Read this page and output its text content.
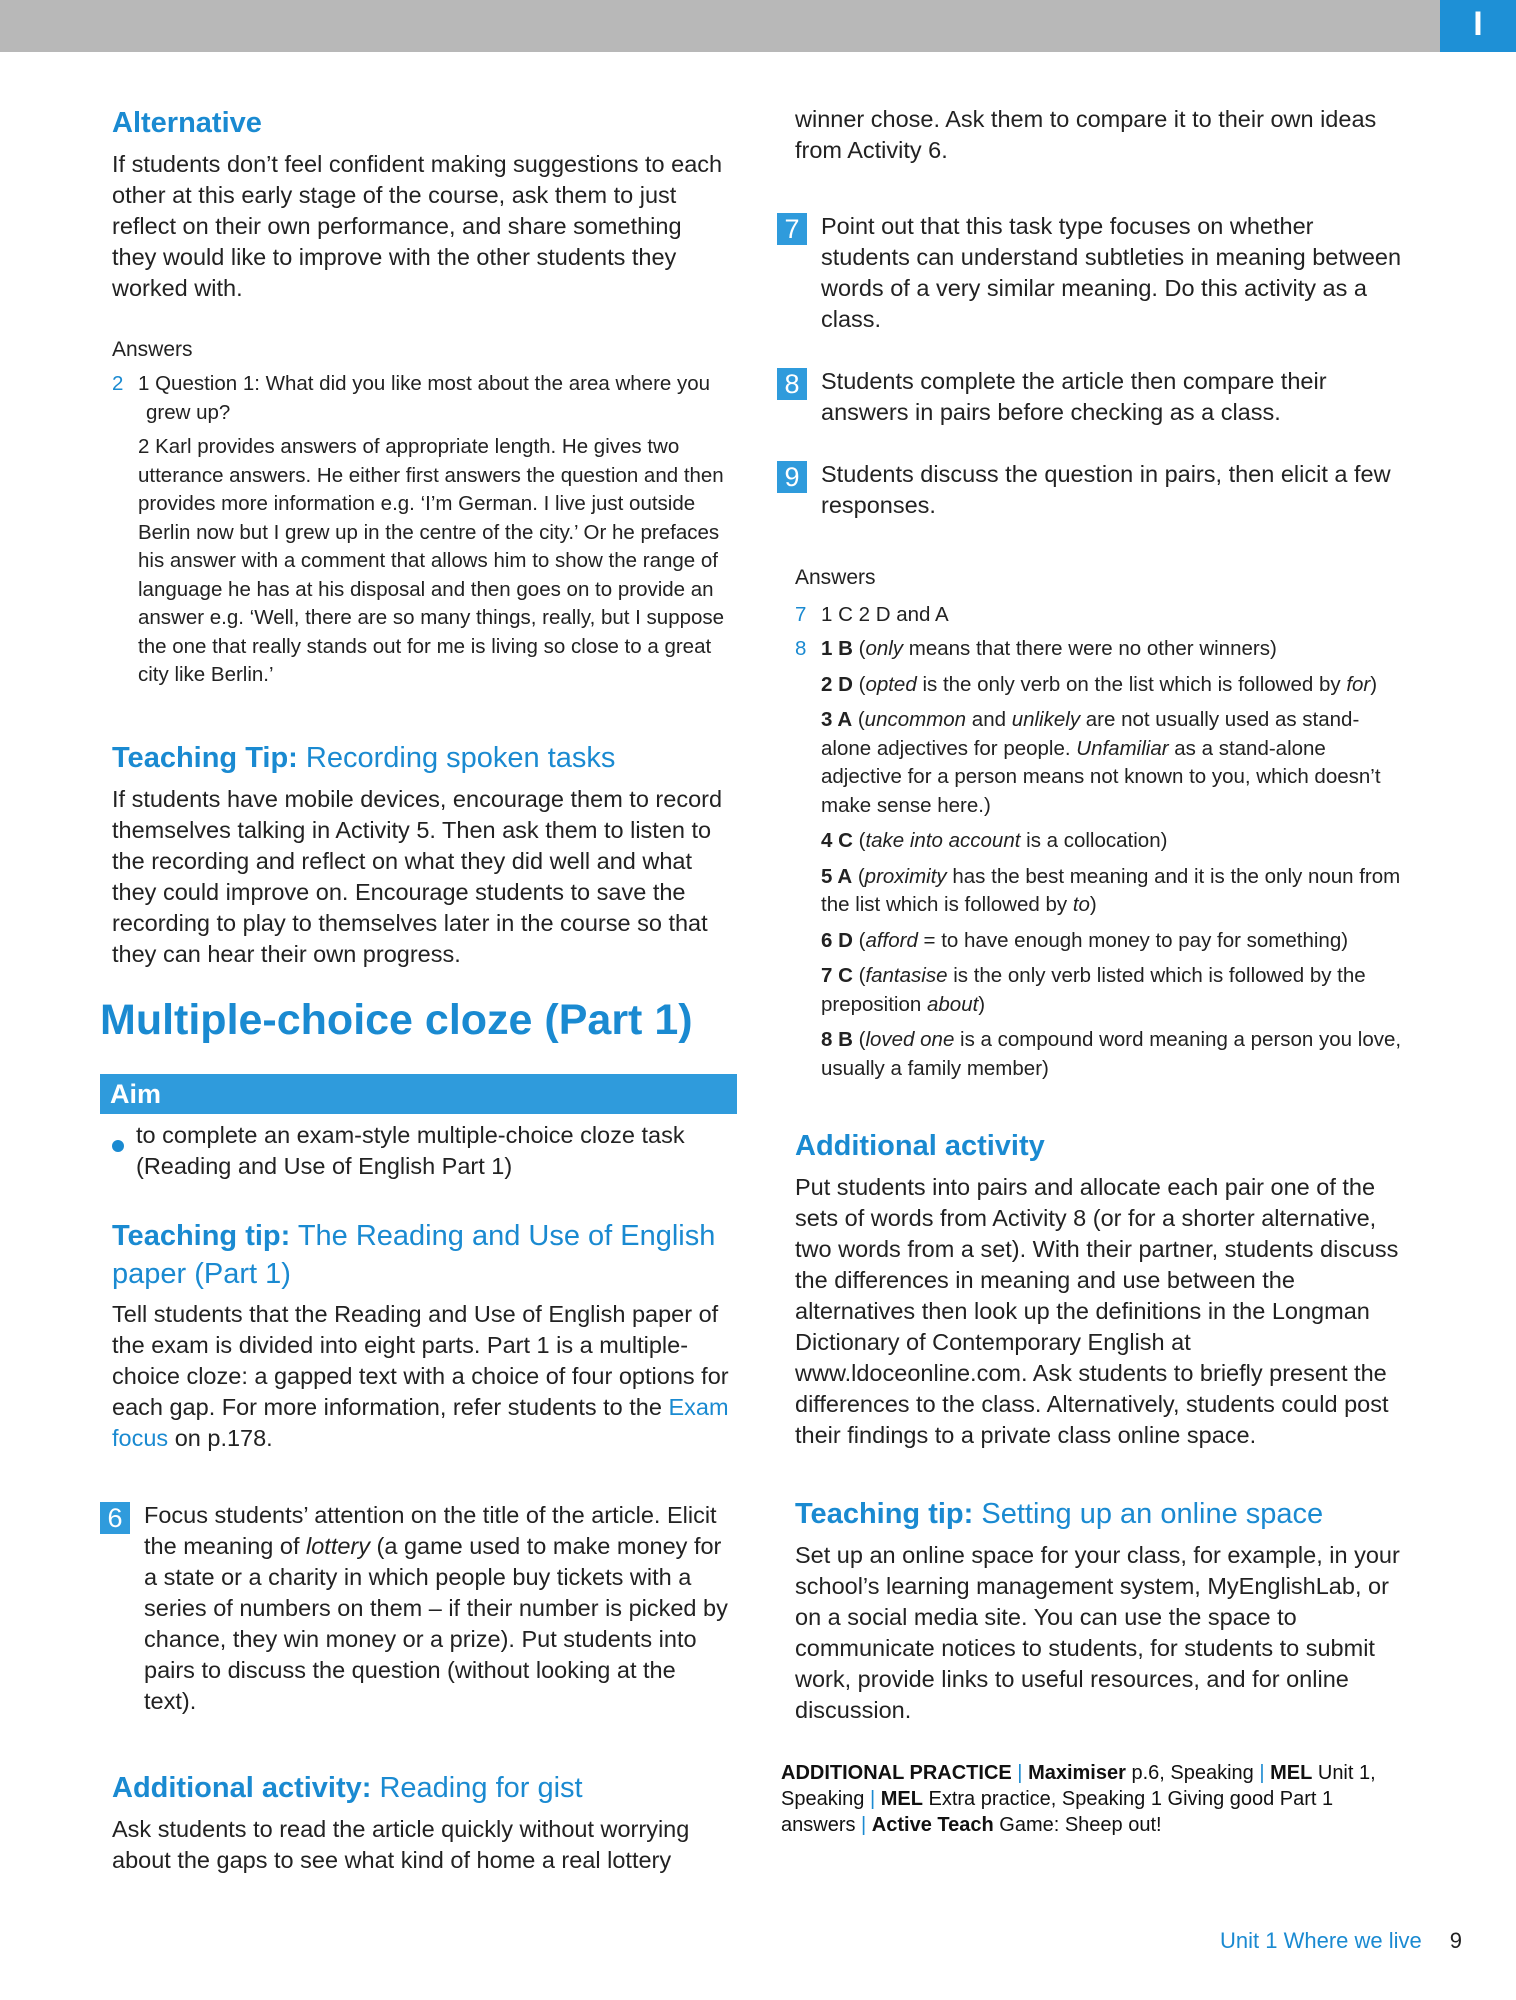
I
Alternative

If students don’t feel confident making suggestions to each other at this early stage of the course, ask them to just reflect on their own performance, and share something they would like to improve with the other students they worked with.

Answers

2 1 Question 1: What did you like most about the area where you grew up?
2 Karl provides answers of appropriate length. He gives two utterance answers. He either first answers the question and then provides more information e.g. ‘I’m German. I live just outside Berlin now but I grew up in the centre of the city.’ Or he prefaces his answer with a comment that allows him to show the range of language he has at his disposal and then goes on to provide an answer e.g. ‘Well, there are so many things, really, but I suppose the one that really stands out for me is living so close to a great city like Berlin.’
Teaching Tip: Recording spoken tasks

If students have mobile devices, encourage them to record themselves talking in Activity 5. Then ask them to listen to the recording and reflect on what they did well and what they could improve on. Encourage students to save the recording to play to themselves later in the course so that they can hear their own progress.

Multiple-choice cloze (Part 1)
Aim
to complete an exam-style multiple-choice cloze task (Reading and Use of English Part 1)
Teaching tip: The Reading and Use of English paper (Part 1)

Tell students that the Reading and Use of English paper of the exam is divided into eight parts. Part 1 is a multiple-choice cloze: a gapped text with a choice of four options for each gap. For more information, refer students to the Exam focus on p.178.

6 Focus students’ attention on the title of the article. Elicit the meaning of lottery (a game used to make money for a state or a charity in which people buy tickets with a series of numbers on them – if their number is picked by chance, they win money or a prize). Put students into pairs to discuss the question (without looking at the text).
Additional activity: Reading for gist

Ask students to read the article quickly without worrying about the gaps to see what kind of home a real lottery

winner chose. Ask them to compare it to their own ideas from Activity 6.

7 Point out that this task type focuses on whether students can understand subtleties in meaning between words of a very similar meaning. Do this activity as a class.
8 Students complete the article then compare their answers in pairs before checking as a class.
9 Students discuss the question in pairs, then elicit a few responses.

Answers

7 1 C 2 D and A
8 1 B (only means that there were no other winners)
2 D (opted is the only verb on the list which is followed by for)
3 A (uncommon and unlikely are not usually used as stand-alone adjectives for people. Unfamiliar as a stand-alone adjective for a person means not known to you, which doesn’t make sense here.)
4 C (take into account is a collocation)
5 A (proximity has the best meaning and it is the only noun from the list which is followed by to)
6 D (afford = to have enough money to pay for something)
7 C (fantasise is the only verb listed which is followed by the preposition about)
8 B (loved one is a compound word meaning a person you love, usually a family member)
Additional activity

Put students into pairs and allocate each pair one of the sets of words from Activity 8 (or for a shorter alternative, two words from a set). With their partner, students discuss the differences in meaning and use between the alternatives then look up the definitions in the Longman Dictionary of Contemporary English at www.ldoceonline.com. Ask students to briefly present the differences to the class. Alternatively, students could post their findings to a private class online space.

Teaching tip: Setting up an online space

Set up an online space for your class, for example, in your school’s learning management system, MyEnglishLab, or on a social media site. You can use the space to communicate notices to students, for students to submit work, provide links to useful resources, and for online discussion.

ADDITIONAL PRACTICE | Maximiser p.6, Speaking | MEL Unit 1, Speaking | MEL Extra practice, Speaking 1 Giving good Part 1 answers | Active Teach Game: Sheep out!
Unit 1 Where we live 9
